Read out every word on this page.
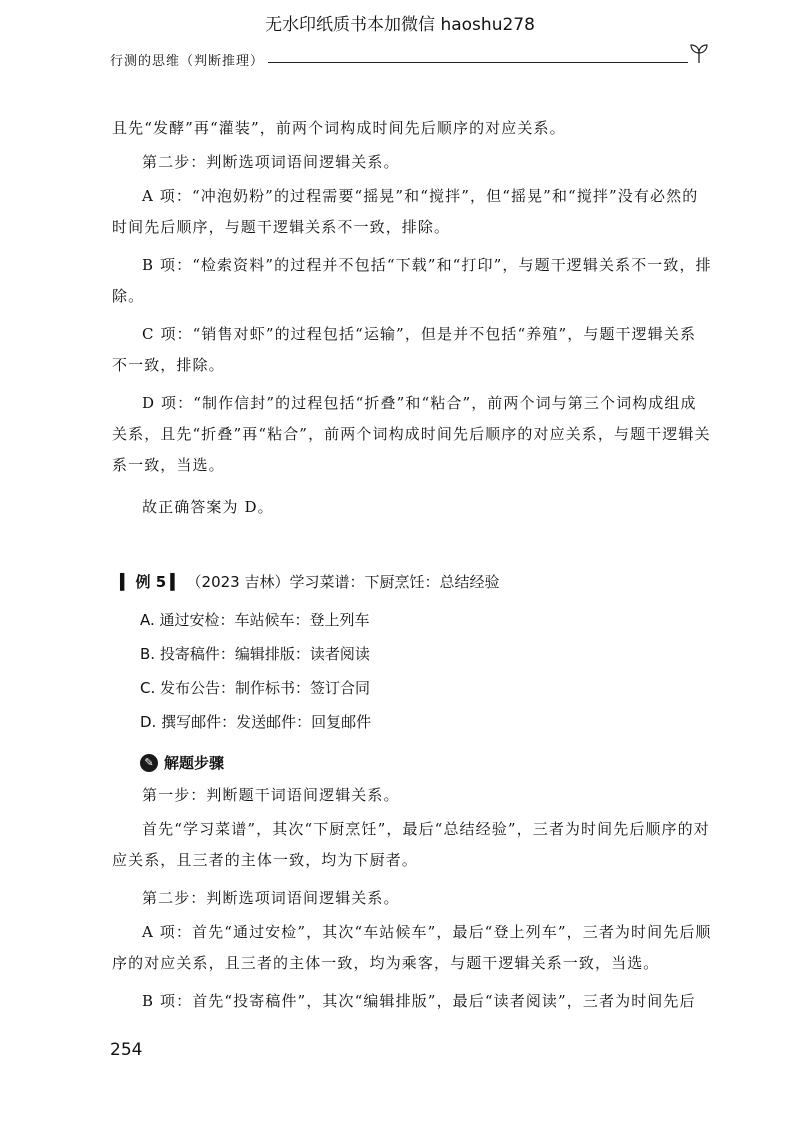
无水印纸质书本加微信 haoshu278
行测的思维（判断推理）

且先“发酵”再“灌装”，前两个词构成时间先后顺序的对应关系。

第二步：判断选项词语间逻辑关系。

A 项：“冲泡奶粉”的过程需要“摇晃”和“搅拌”，但“摇晃”和“搅拌”没有必然的时间先后顺序，与题干逻辑关系不一致，排除。

B 项：“检索资料”的过程并不包括“下载”和“打印”，与题干逻辑关系不一致，排除。

C 项：“销售对虾”的过程包括“运输”，但是并不包括“养殖”，与题干逻辑关系不一致，排除。

D 项：“制作信封”的过程包括“折叠”和“粘合”，前两个词与第三个词构成组成关系，且先“折叠”再“粘合”，前两个词构成时间先后顺序的对应关系，与题干逻辑关系一致，当选。

故正确答案为 D。

▍ 例 5 ▍ （2023 吉林）学习菜谱：下厨烹饪：总结经验

A. 通过安检：车站候车：登上列车

B. 投寄稿件：编辑排版：读者阅读

C. 发布公告：制作标书：签订合同

D. 撰写邮件：发送邮件：回复邮件

✎ 解题步骤

第一步：判断题干词语间逻辑关系。

首先“学习菜谱”，其次“下厨烹饪”，最后“总结经验”，三者为时间先后顺序的对应关系，且三者的主体一致，均为下厨者。

第二步：判断选项词语间逻辑关系。

A 项：首先“通过安检”，其次“车站候车”，最后“登上列车”，三者为时间先后顺序的对应关系，且三者的主体一致，均为乘客，与题干逻辑关系一致，当选。

B 项：首先“投寄稿件”，其次“编辑排版”，最后“读者阅读”，三者为时间先后

254
